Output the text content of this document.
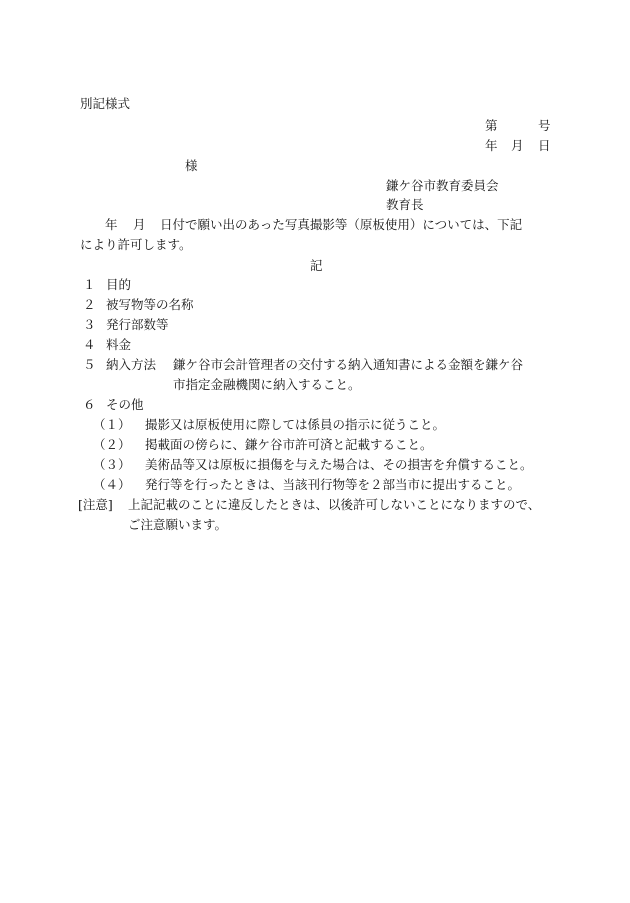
別記様式
第	号
年 月 日
様
鎌ケ谷市教育委員会
教育長
年 月 日付で願い出のあった写真撮影等（原板使用）については、下記
により許可します。
記
１ 目的
２ 被写物等の名称
３ 発行部数等
４ 料金
５ 納入方法 鎌ケ谷市会計管理者の交付する納入通知書による金額を鎌ケ谷
市指定金融機関に納入すること。
６ その他
（１） 撮影又は原板使用に際しては係員の指示に従うこと。
（２） 掲載面の傍らに、鎌ケ谷市許可済と記載すること。
（３） 美術品等又は原板に損傷を与えた場合は、その損害を弁償すること。
（４） 発行等を行ったときは、当該刊行物等を２部当市に提出すること。
[注意] 上記記載のことに違反したときは、以後許可しないことになりますので、
ご注意願います。
